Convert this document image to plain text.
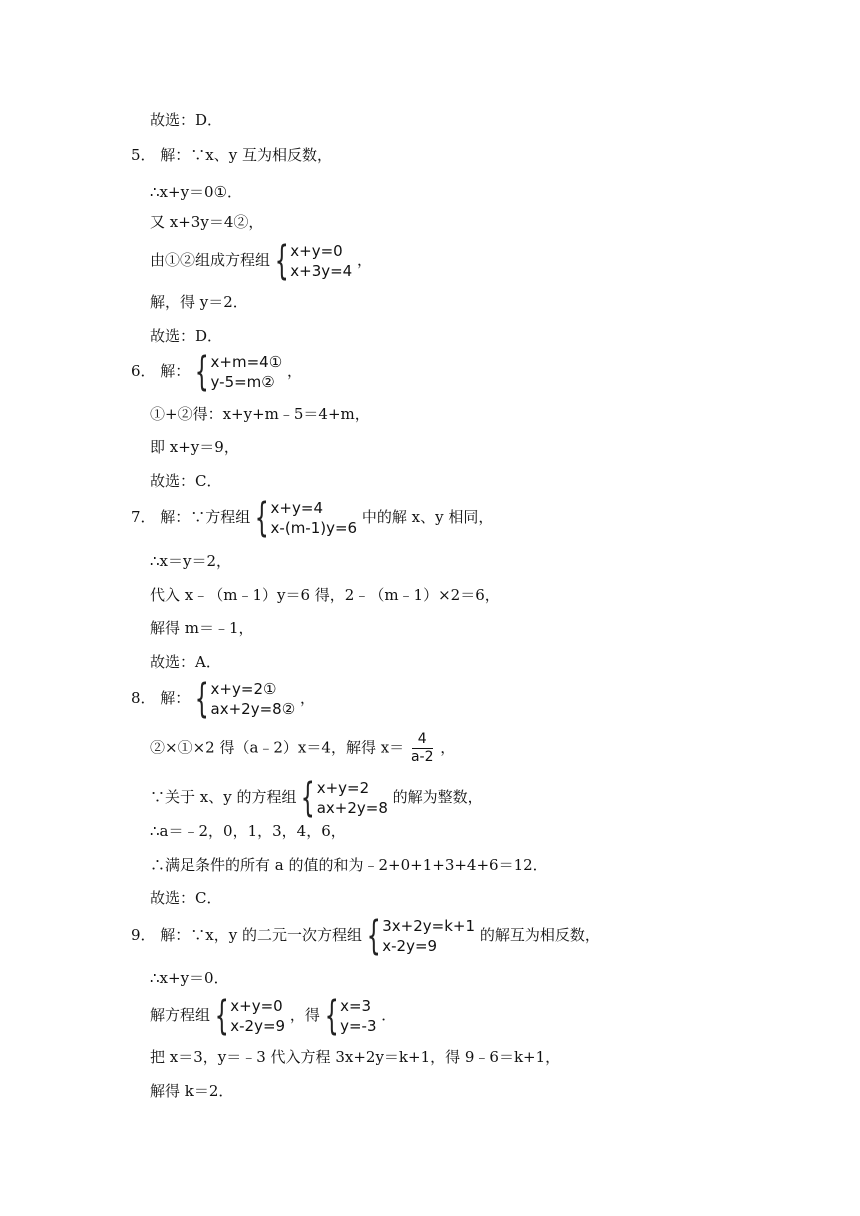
故选：D．
5． 解：∵x、y 互为相反数，
∴x+y＝0①．
又 x+3y＝4②，
由①②组成方程组 { x+y=0
x+3y=4
，
解，得 y＝2．
故选：D．
6． 解： { x+m=4①
y-5=m②
，
①+②得：x+y+m﹣5＝4+m，
即 x+y＝9，
故选：C．
7． 解：∵方程组 { x+y=4
x-(m-1)y=6
中的解 x、y 相同，
∴x＝y＝2，
代入 x﹣（m﹣1）y＝6 得，2﹣（m﹣1）×2＝6，
解得 m＝﹣1，
故选：A．
8． 解： { x+y=2①
ax+2y=8②
，
②×①×2 得（a﹣2）x＝4，解得 $x= \frac{4}{a-2}$ ，
∵关于 x、y 的方程组 { x+y=2
ax+2y=8
的解为整数，
∴a＝﹣2，0，1，3，4，6，
∴满足条件的所有 a 的值的和为﹣2+0+1+3+4+6＝12．
故选：C．
9． 解：∵x，y 的二元一次方程组 { 3x+2y=k+1
x-2y=9
的解互为相反数，
∴x+y＝0．
解方程组 { x+y=0
x-2y=9
，得 { x=3
y=-3
．
把 x＝3，y＝﹣3 代入方程 3x+2y＝k+1，得 9﹣6＝k+1，
解得 k＝2．
